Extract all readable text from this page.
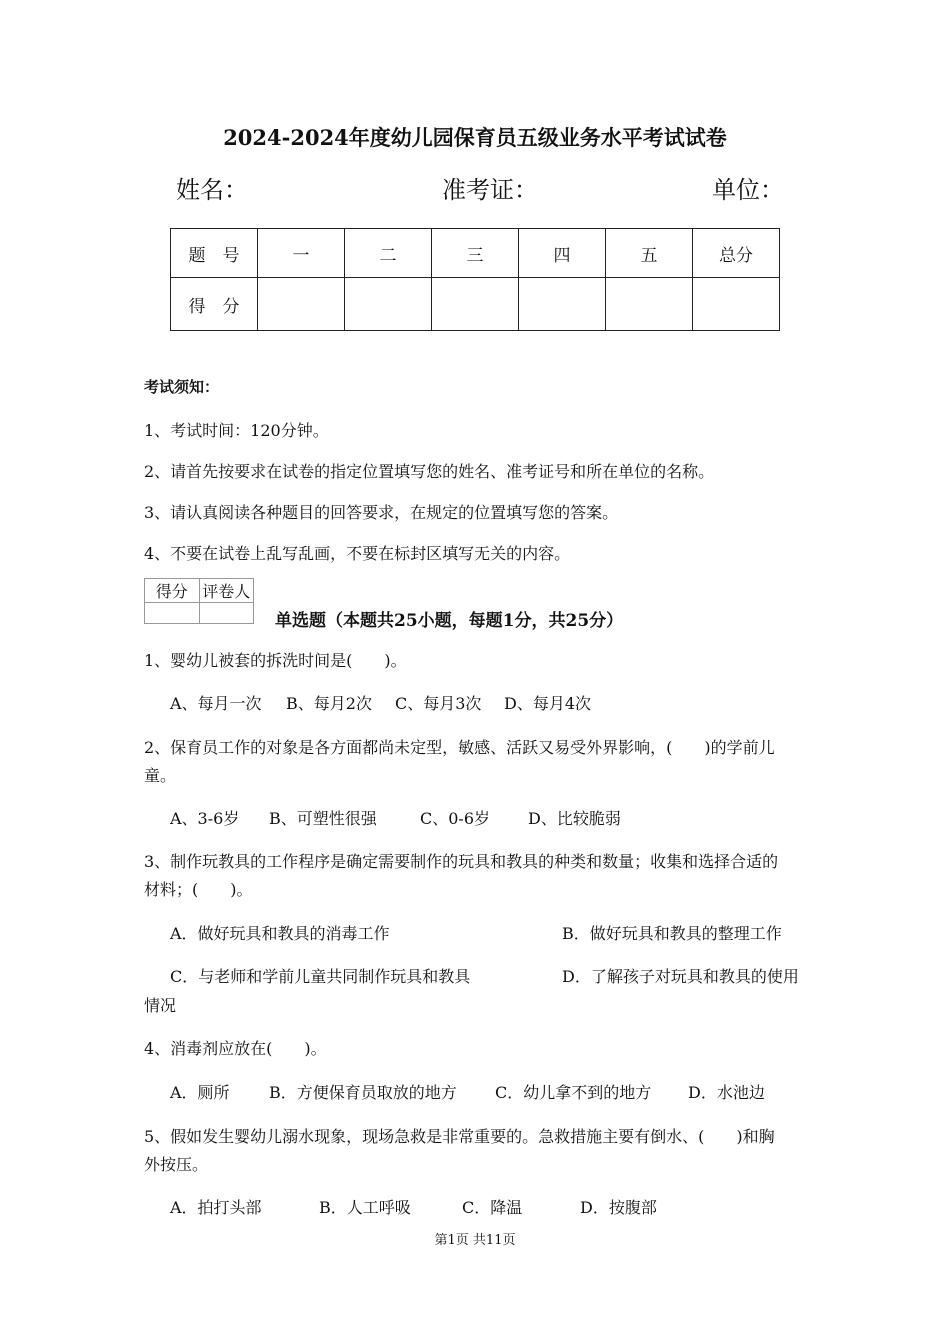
2024-2024年度幼儿园保育员五级业务水平考试试卷
姓名：	准考证：	单位：
题　号	一	二	三	四	五	总分
得　分						
考试须知：
1、考试时间：120分钟。
2、请首先按要求在试卷的指定位置填写您的姓名、准考证号和所在单位的名称。
3、请认真阅读各种题目的回答要求，在规定的位置填写您的答案。
4、不要在试卷上乱写乱画，不要在标封区填写无关的内容。
得分	评卷人

单选题（本题共25小题，每题1分，共25分）
1、婴幼儿被套的拆洗时间是(　　)。
A、每月一次 B、每月2次 C、每月3次 D、每月4次
2、保育员工作的对象是各方面都尚未定型，敏感、活跃又易受外界影响，(　　)的学前儿
童。
A、3-6岁 B、可塑性很强	C、0-6岁 D、比较脆弱
3、制作玩教具的工作程序是确定需要制作的玩具和教具的种类和数量；收集和选择合适的
材料；(　　)。
A．做好玩具和教具的消毒工作	B．做好玩具和教具的整理工作
C．与老师和学前儿童共同制作玩具和教具	D．了解孩子对玩具和教具的使用
情况
4、消毒剂应放在(　　)。
A．厕所 B．方便保育员取放的地方 C．幼儿拿不到的地方 D．水池边
5、假如发生婴幼儿溺水现象，现场急救是非常重要的。急救措施主要有倒水、(　　)和胸
外按压。
A．拍打头部	B．人工呼吸	C．降温	D．按腹部
第1页 共11页
